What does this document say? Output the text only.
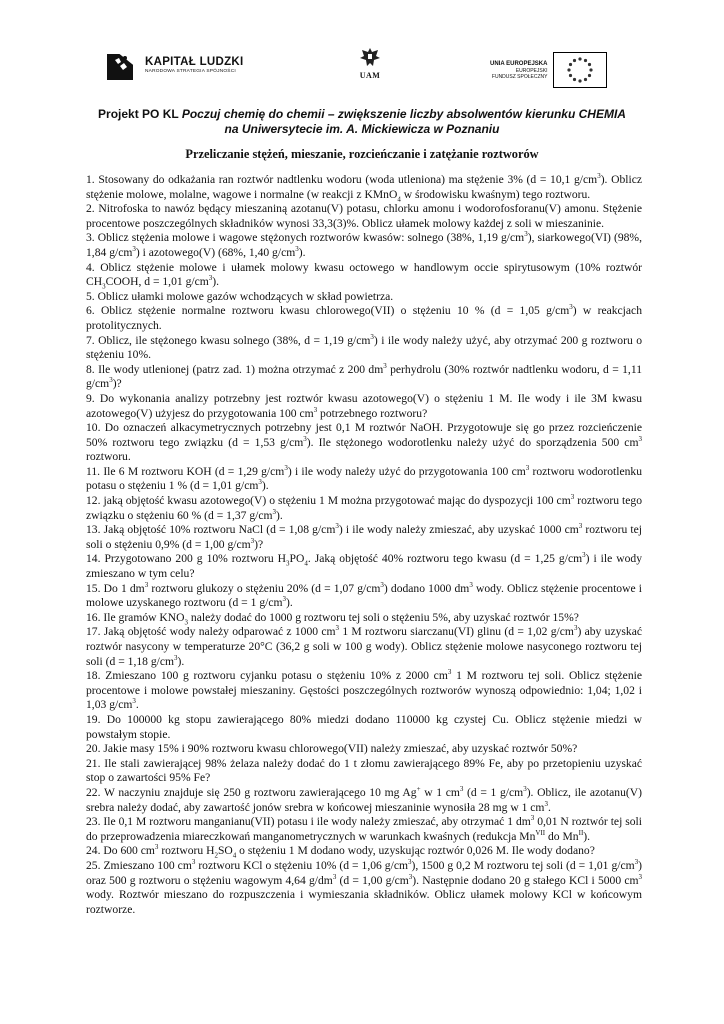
KAPITAŁ LUDZKI
NARODOWA STRATEGIA SPÓJNOŚCI	UAM
UNIA EUROPEJSKA
EUROPEJSKI
FUNDUSZ SPOŁECZNY
Projekt PO KL Poczuj chemię do chemii – zwiększenie liczby absolwentów kierunku CHEMIA
na Uniwersytecie im. A. Mickiewicza w Poznaniu
Przeliczanie stężeń, mieszanie, rozcieńczanie i zatężanie roztworów

1. Stosowany do odkażania ran roztwór nadtlenku wodoru (woda utleniona) ma stężenie 3% (d = 10,1 $g/cm^3$). Oblicz stężenie molowe, molalne, wagowe i normalne (w reakcji z KMnO$_4$ w środowisku kwaśnym) tego roztworu.

2. Nitrofoska to nawóz będący mieszaniną azotanu(V) potasu, chlorku amonu i wodorofosforanu(V) amonu. Stężenie procentowe poszczególnych składników wynosi 33,3(3)%. Oblicz ułamek molowy każdej z soli w mieszaninie.

3. Oblicz stężenia molowe i wagowe stężonych roztworów kwasów: solnego (38%, 1,19 $g/cm^3$), siarkowego(VI) (98%, 1,84 $g/cm^3$) i azotowego(V) (68%, 1,40 $g/cm^3$).

4. Oblicz stężenie molowe i ułamek molowy kwasu octowego w handlowym occie spirytusowym (10% roztwór $CH_3COOH$, d = 1,01 $g/cm^3$).

5. Oblicz ułamki molowe gazów wchodzących w skład powietrza.

6. Oblicz stężenie normalne roztworu kwasu chlorowego(VII) o stężeniu 10 % (d = 1,05 $g/cm^3$) w reakcjach protolitycznych.

7. Oblicz, ile stężonego kwasu solnego (38%, d = 1,19 $g/cm^3$) i ile wody należy użyć, aby otrzymać 200 g roztworu o stężeniu 10%.

8. Ile wody utlenionej (patrz zad. 1) można otrzymać z 200 $dm^3$ perhydrolu (30% roztwór nadtlenku wodoru, d = 1,11 $g/cm^3$)?

9. Do wykonania analizy potrzebny jest roztwór kwasu azotowego(V) o stężeniu 1 M. Ile wody i ile 3M kwasu azotowego(V) użyjesz do przygotowania 100 $cm^3$ potrzebnego roztworu?

10. Do oznaczeń alkacymetrycznych potrzebny jest 0,1 M roztwór NaOH. Przygotowuje się go przez rozcieńczenie 50% roztworu tego związku (d = 1,53 $g/cm^3$). Ile stężonego wodorotlenku należy użyć do sporządzenia 500 $cm^3$ roztworu.

11. Ile 6 M roztworu KOH (d = 1,29 $g/cm^3$) i ile wody należy użyć do przygotowania 100 $cm^3$ roztworu wodorotlenku potasu o stężeniu 1 % (d = 1,01 $g/cm^3$).

12. jaką objętość kwasu azotowego(V) o stężeniu 1 M można przygotować mając do dyspozycji 100 $cm^3$ roztworu tego związku o stężeniu 60 % (d = 1,37 $g/cm^3$).

13. Jaką objętość 10% roztworu NaCl (d = 1,08 $g/cm^3$) i ile wody należy zmieszać, aby uzyskać 1000 $cm^3$ roztworu tej soli o stężeniu 0,9% (d = 1,00 $g/cm^3$)?

14. Przygotowano 200 g 10% roztworu $H_3PO_4$. Jaką objętość 40% roztworu tego kwasu (d = 1,25 $g/cm^3$) i ile wody zmieszano w tym celu?

15. Do 1 $dm^3$ roztworu glukozy o stężeniu 20% (d = 1,07 $g/cm^3$) dodano 1000 $dm^3$ wody. Oblicz stężenie procentowe i molowe uzyskanego roztworu (d = 1 $g/cm^3$).

16. Ile gramów $KNO_3$ należy dodać do 1000 g roztworu tej soli o stężeniu 5%, aby uzyskać roztwór 15%?

17. Jaką objętość wody należy odparować z 1000 $cm^3$ 1 M roztworu siarczanu(VI) glinu (d = 1,02 $g/cm^3$) aby uzyskać roztwór nasycony w temperaturze 20°C (36,2 g soli w 100 g wody). Oblicz stężenie molowe nasyconego roztworu tej soli (d = 1,18 $g/cm^3$).

18. Zmieszano 100 g roztworu cyjanku potasu o stężeniu 10% z 2000 $cm^3$ 1 M roztworu tej soli. Oblicz stężenie procentowe i molowe powstałej mieszaniny. Gęstości poszczególnych roztworów wynoszą odpowiednio: 1,04; 1,02 i 1,03 $g/cm^3$.

19. Do 100000 kg stopu zawierającego 80% miedzi dodano 110000 kg czystej Cu. Oblicz stężenie miedzi w powstałym stopie.

20. Jakie masy 15% i 90% roztworu kwasu chlorowego(VII) należy zmieszać, aby uzyskać roztwór 50%?

21. Ile stali zawierającej 98% żelaza należy dodać do 1 t złomu zawierającego 89% Fe, aby po przetopieniu uzyskać stop o zawartości 95% Fe?

22. W naczyniu znajduje się 250 g roztworu zawierającego 10 mg Ag+ w 1 $cm^3$ (d = 1 $g/cm^3$). Oblicz, ile azotanu(V) srebra należy dodać, aby zawartość jonów srebra w końcowej mieszaninie wynosiła 28 mg w 1 $cm^3$.

23. Ile 0,1 M roztworu manganianu(VII) potasu i ile wody należy zmieszać, aby otrzymać 1 $dm^3$ 0,01 N roztwór tej soli do przeprowadzenia miareczkowań manganometrycznych w warunkach kwaśnych (redukcja $Mn^{VII}$ do $Mn^{II}$).

24. Do 600 $cm^3$ roztworu $H_2SO_4$ o stężeniu 1 M dodano wody, uzyskując roztwór 0,026 M. Ile wody dodano?

25. Zmieszano 100 $cm^3$ roztworu KCl o stężeniu 10% (d = 1,06 $g/cm^3$), 1500 g 0,2 M roztworu tej soli (d = 1,01 $g/cm^3$) oraz 500 g roztworu o stężeniu wagowym 4,64 $g/dm^3$ (d = 1,00 $g/cm^3$). Następnie dodano 20 g stałego KCl i 5000 $cm^3$ wody. Roztwór mieszano do rozpuszczenia i wymieszania składników. Oblicz ułamek molowy KCl w końcowym roztworze.
